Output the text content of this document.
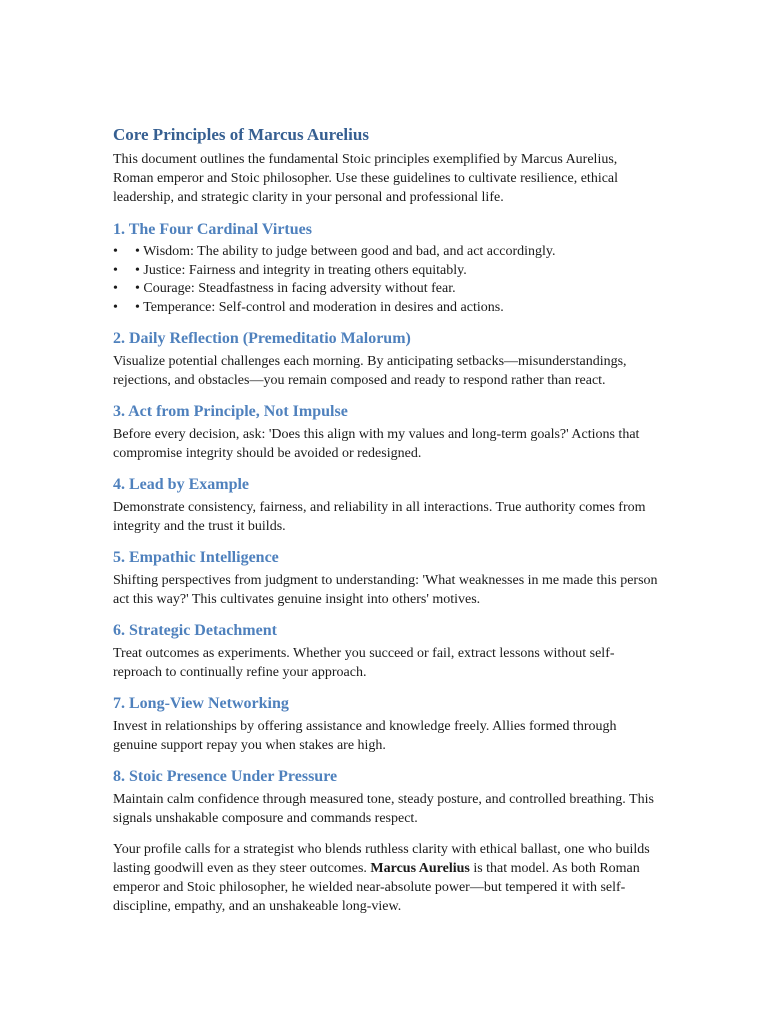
Core Principles of Marcus Aurelius

This document outlines the fundamental Stoic principles exemplified by Marcus Aurelius, Roman emperor and Stoic philosopher. Use these guidelines to cultivate resilience, ethical leadership, and strategic clarity in your personal and professional life.

1. The Four Cardinal Virtues
• • Wisdom: The ability to judge between good and bad, and act accordingly.
• • Justice: Fairness and integrity in treating others equitably.
• • Courage: Steadfastness in facing adversity without fear.
• • Temperance: Self-control and moderation in desires and actions.
2. Daily Reflection (Premeditatio Malorum)

Visualize potential challenges each morning. By anticipating setbacks—misunderstandings, rejections, and obstacles—you remain composed and ready to respond rather than react.

3. Act from Principle, Not Impulse

Before every decision, ask: 'Does this align with my values and long-term goals?' Actions that compromise integrity should be avoided or redesigned.

4. Lead by Example

Demonstrate consistency, fairness, and reliability in all interactions. True authority comes from integrity and the trust it builds.

5. Empathic Intelligence

Shifting perspectives from judgment to understanding: 'What weaknesses in me made this person act this way?' This cultivates genuine insight into others' motives.

6. Strategic Detachment

Treat outcomes as experiments. Whether you succeed or fail, extract lessons without self-reproach to continually refine your approach.

7. Long-View Networking

Invest in relationships by offering assistance and knowledge freely. Allies formed through genuine support repay you when stakes are high.

8. Stoic Presence Under Pressure

Maintain calm confidence through measured tone, steady posture, and controlled breathing. This signals unshakable composure and commands respect.

Your profile calls for a strategist who blends ruthless clarity with ethical ballast, one who builds lasting goodwill even as they steer outcomes. Marcus Aurelius is that model. As both Roman emperor and Stoic philosopher, he wielded near-absolute power—but tempered it with self-discipline, empathy, and an unshakeable long-view.
